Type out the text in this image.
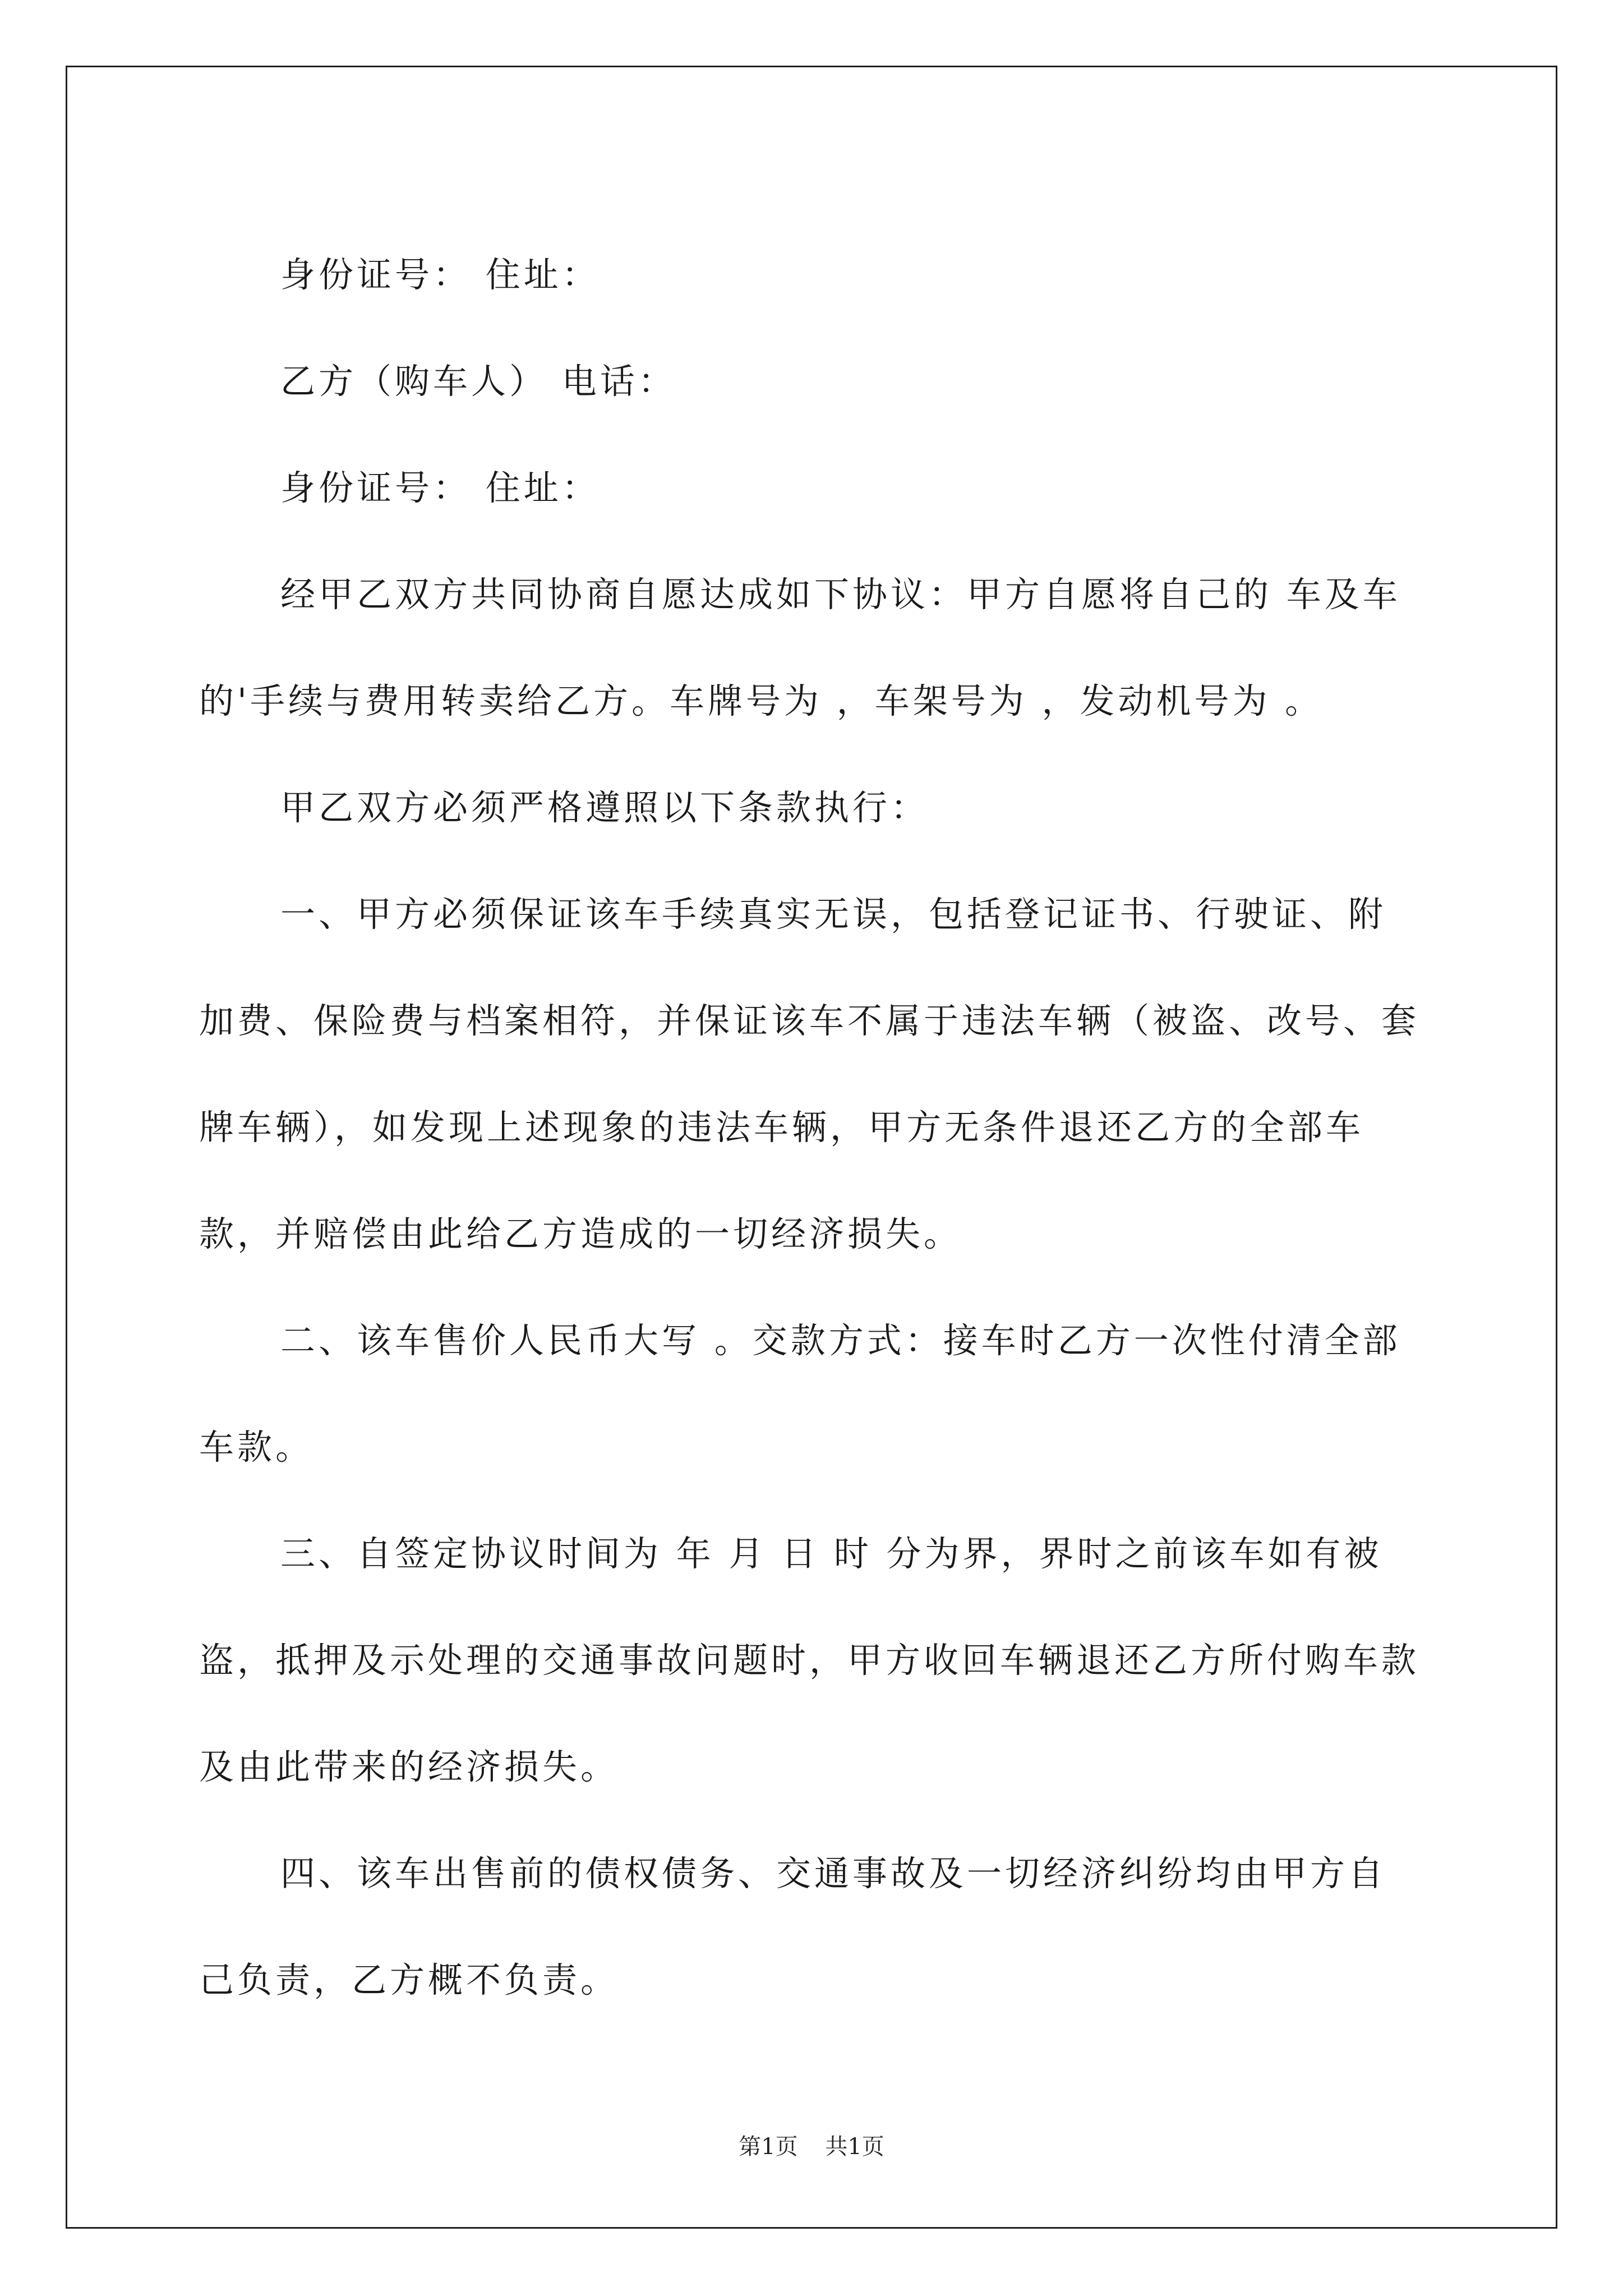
身份证号： 住址：

乙方（购车人） 电话：

身份证号： 住址：

经甲乙双方共同协商自愿达成如下协议：甲方自愿将自己的 车及车的'手续与费用转卖给乙方。车牌号为 ，车架号为 ，发动机号为 。

甲乙双方必须严格遵照以下条款执行：

一、甲方必须保证该车手续真实无误，包括登记证书、行驶证、附加费、保险费与档案相符，并保证该车不属于违法车辆（被盗、改号、套牌车辆），如发现上述现象的违法车辆，甲方无条件退还乙方的全部车款，并赔偿由此给乙方造成的一切经济损失。

二、该车售价人民币大写 。交款方式：接车时乙方一次性付清全部车款。

三、自签定协议时间为 年 月 日 时 分为界，界时之前该车如有被盗，抵押及示处理的交通事故问题时，甲方收回车辆退还乙方所付购车款及由此带来的经济损失。

四、该车出售前的债权债务、交通事故及一切经济纠纷均由甲方自己负责，乙方概不负责。

第1页 共1页
